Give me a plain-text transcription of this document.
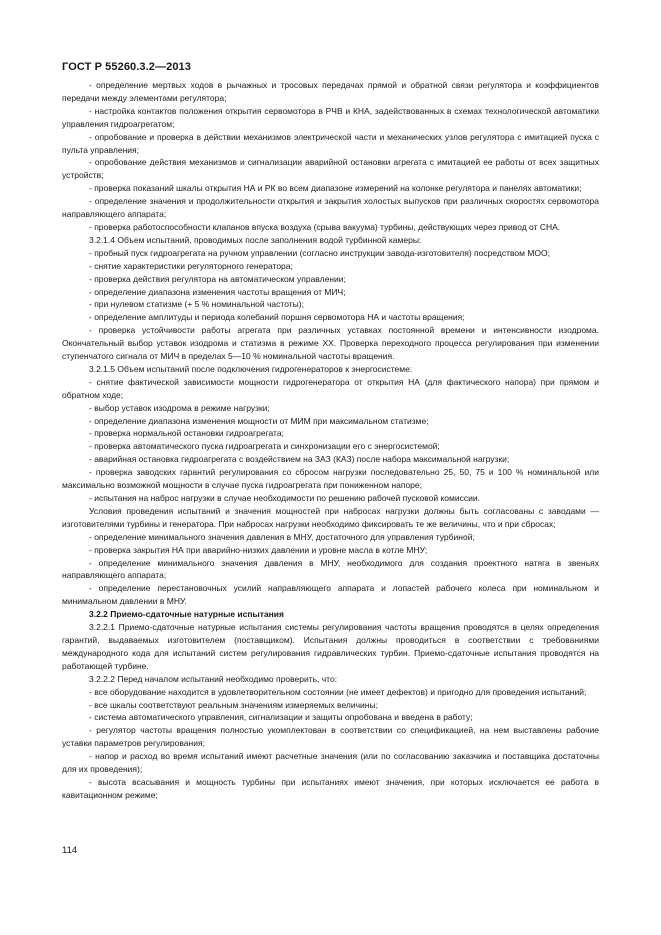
ГОСТ Р 55260.3.2—2013

- определение мертвых ходов в рычажных и тросовых передачах прямой и обратной связи регулятора и коэффициентов передачи между элементами регулятора;

- настройка контактов положения открытия сервомотора в РЧВ и КНА, задействованных в схемах технологической автоматики управления гидроагрегатом;

- опробование и проверка в действии механизмов электрической части и механических узлов регулятора с имитацией пуска с пульта управления;

- опробование действия механизмов и сигнализации аварийной остановки агрегата с имитацией ее работы от всех защитных устройств;

- проверка показаний шкалы открытия НА и РК во всем диапазоне измерений на колонке регулятора и панелях автоматики;

- определение значения и продолжительности открытия и закрытия холостых выпусков при различных скоростях сервомотора направляющего аппарата;

- проверка работоспособности клапанов впуска воздуха (срыва вакуума) турбины, действующих через привод от СНА.

3.2.1.4 Объем испытаний, проводимых после заполнения водой турбинной камеры:

- пробный пуск гидроагрегата на ручном управлении (согласно инструкции завода-изготовителя) посредством МОО;

- снятие характеристики регуляторного генератора;

- проверка действия регулятора на автоматическом управлении;

- определение диапазона изменения частоты вращения от МИЧ;

- при нулевом статизме (+ 5 % номинальной частоты);

- определение амплитуды и периода колебаний поршня сервомотора НА и частоты вращения;

- проверка устойчивости работы агрегата при различных уставках постоянной времени и интенсивности изодрома. Окончательный выбор уставок изодрома и статизма в режиме XX. Проверка переходного процесса регулирования при изменении ступенчатого сигнала от МИЧ в пределах 5—10 % номинальной частоты вращения.

3.2.1.5 Объем испытаний после подключения гидрогенераторов к энергосистеме:

- снятие фактической зависимости мощности гидрогенератора от открытия НА (для фактического напора) при прямом и обратном ходе;

- выбор уставок изодрома в режиме нагрузки;

- определение диапазона изменения мощности от МИМ при максимальном статизме;

- проверка нормальной остановки гидроагрегата;

- проверка автоматического пуска гидроагрегата и синхронизации его с энергосистемой;

- аварийная остановка гидроагрегата с воздействием на ЗАЗ (КАЗ) после набора максимальной нагрузки;

- проверка заводских гарантий регулирования со сбросом нагрузки последовательно 25, 50, 75 и 100 % номинальной или максимально возможной мощности в случае пуска гидроагрегата при пониженном напоре;

- испытания на наброс нагрузки в случае необходимости по решению рабочей пусковой комиссии.

Условия проведения испытаний и значения мощностей при набросах нагрузки должны быть согласованы с заводами — изготовителями турбины и генератора. При набросах нагрузки необходимо фиксировать те же величины, что и при сбросах;

- определение минимального значения давления в МНУ, достаточного для управления турбиной;

- проверка закрытия НА при аварийно-низких давлении и уровне масла в котле МНУ;

- определение минимального значения давления в МНУ, необходимого для создания проектного натяга в звеньях направляющего аппарата;

- определение перестановочных усилий направляющего аппарата и лопастей рабочего колеса при номинальном и минимальном давлении в МНУ.

3.2.2 Приемо-сдаточные натурные испытания

3.2.2.1 Приемо-сдаточные натурные испытания системы регулирования частоты вращения проводятся в целях определения гарантий, выдаваемых изготовителем (поставщиком). Испытания должны проводиться в соответствии с требованиями международного кода для испытаний систем регулирования гидравлических турбин. Приемо-сдаточные испытания проводятся на работающей турбине.

3.2.2.2 Перед началом испытаний необходимо проверить, что:

- все оборудование находится в удовлетворительном состоянии (не имеет дефектов) и пригодно для проведения испытаний;

- все шкалы соответствуют реальным значениям измеряемых величины;

- система автоматического управления, сигнализации и защиты опробована и введена в работу;

- регулятор частоты вращения полностью укомплектован в соответствии со спецификацией, на нем выставлены рабочие уставки параметров регулирования;

- напор и расход во время испытаний имеют расчетные значения (или по согласованию заказчика и поставщика достаточны для их проведения);

- высота всасывания и мощность турбины при испытаниях имеют значения, при которых исключается ее работа в кавитационном режиме;

114
